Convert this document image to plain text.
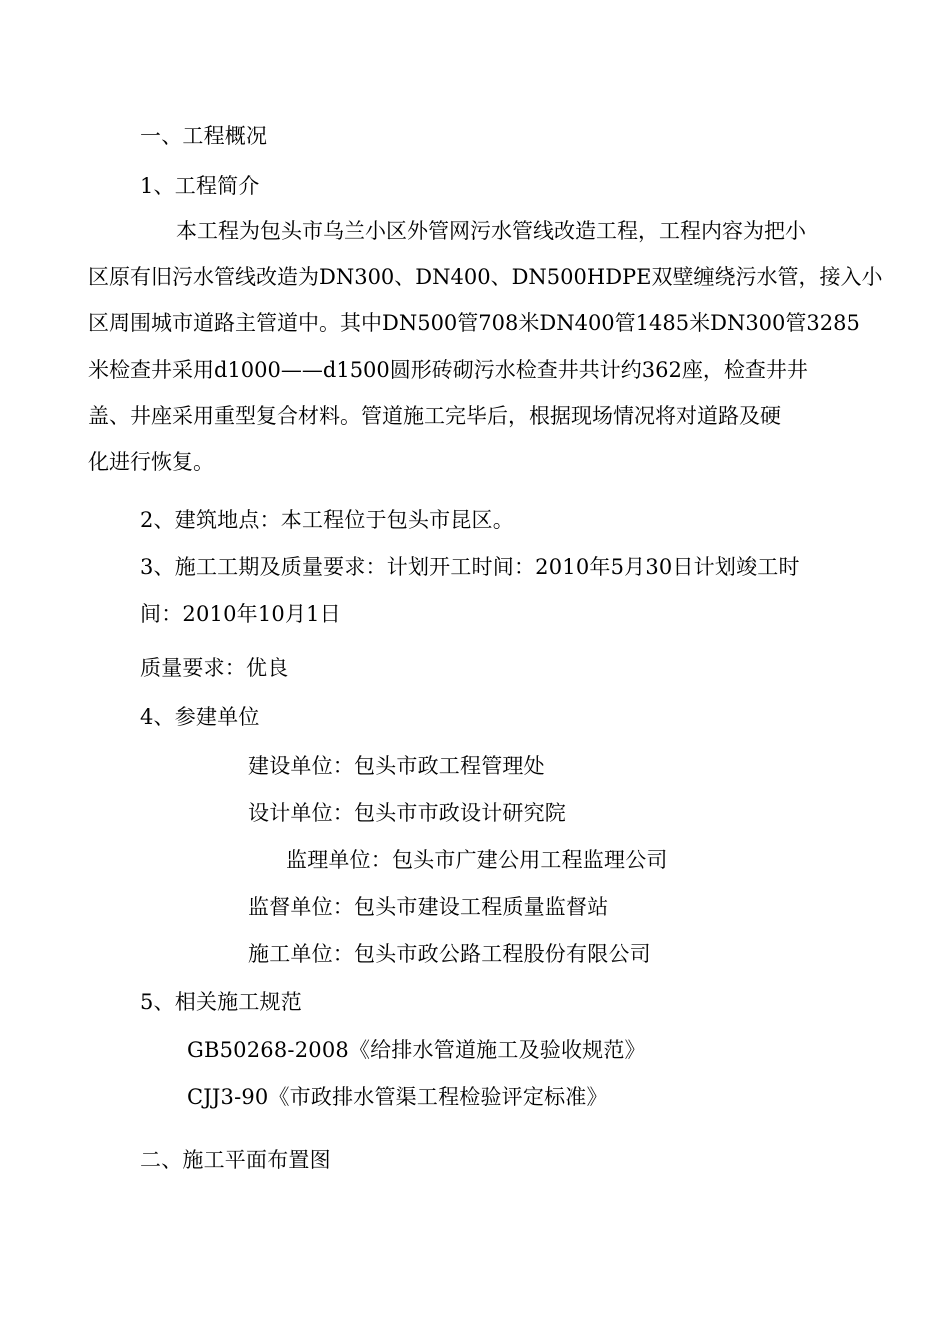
一、工程概况
1、工程简介
本工程为包头市乌兰小区外管网污水管线改造工程，工程内容为把小
区原有旧污水管线改造为DN300、DN400、DN500HDPE双壁缠绕污水管，接入小
区周围城市道路主管道中。其中DN500管708米DN400管1485米DN300管3285
米检查井采用d1000——d1500圆形砖砌污水检查井共计约362座，检查井井
盖、井座采用重型复合材料。管道施工完毕后，根据现场情况将对道路及硬
化进行恢复。
2、建筑地点：本工程位于包头市昆区。
3、施工工期及质量要求：计划开工时间：2010年5月30日计划竣工时
间：2010年10月1日
质量要求：优良
4、参建单位
建设单位：包头市政工程管理处
设计单位：包头市市政设计研究院
监理单位：包头市广建公用工程监理公司
监督单位：包头市建设工程质量监督站
施工单位：包头市政公路工程股份有限公司
5、相关施工规范
GB50268-2008《给排水管道施工及验收规范》
CJJ3-90《市政排水管渠工程检验评定标准》
二、施工平面布置图
